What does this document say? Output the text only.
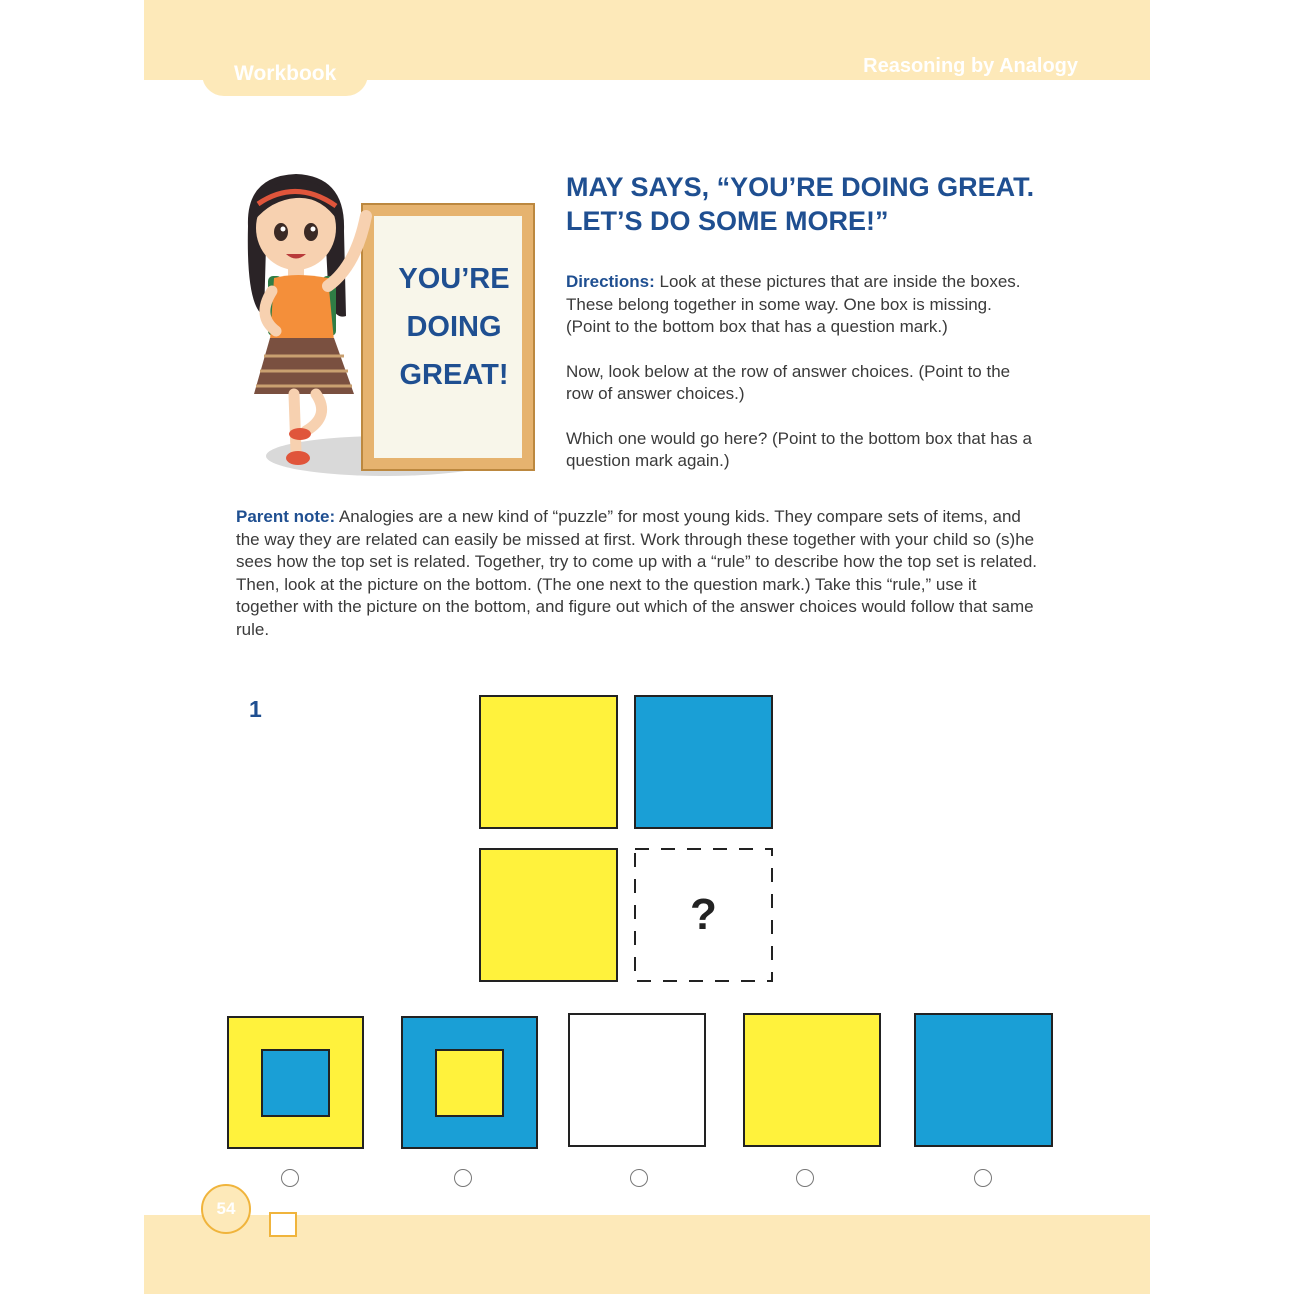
Workbook	Reasoning by Analogy
YOU’RE
DOING
GREAT!
MAY SAYS, “YOU’RE DOING GREAT.
LET’S DO SOME MORE!”

Directions: Look at these pictures that are inside the boxes. These belong together in some way. One box is missing. (Point to the bottom box that has a question mark.)

Now, look below at the row of answer choices. (Point to the row of answer choices.)

Which one would go here? (Point to the bottom box that has a question mark again.)

Parent note: Analogies are a new kind of “puzzle” for most young kids. They compare sets of items, and the way they are related can easily be missed at first. Work through these together with your child so (s)he sees how the top set is related. Together, try to come up with a “rule” to describe how the top set is related. Then, look at the picture on the bottom. (The one next to the question mark.) Take this “rule,” use it together with the picture on the bottom, and figure out which of the answer choices would follow that same rule.

1
?
54
